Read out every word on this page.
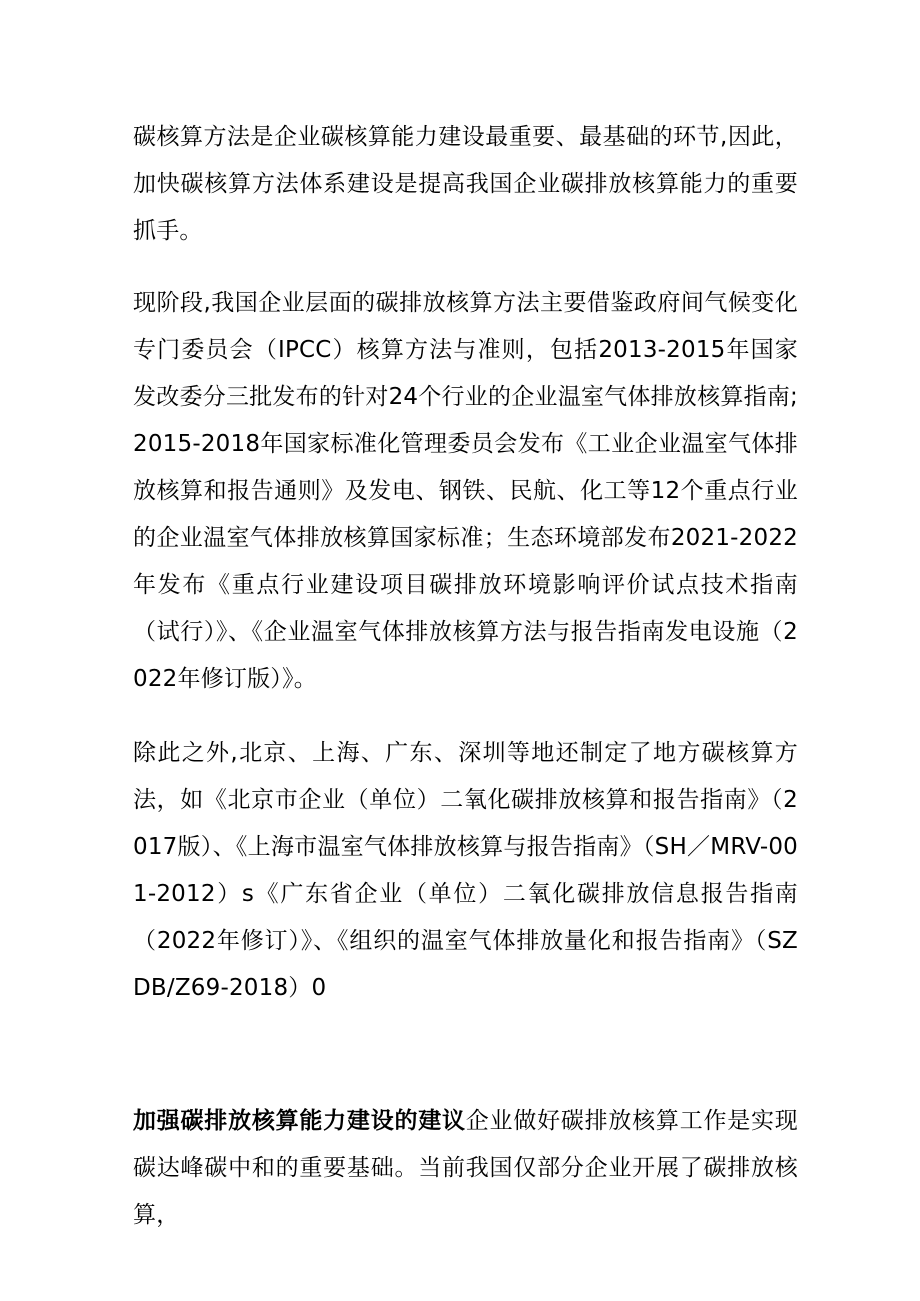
碳核算方法是企业碳核算能力建设最重要、最基础的环节,因此，加快碳核算方法体系建设是提高我国企业碳排放核算能力的重要抓手。

现阶段,我国企业层面的碳排放核算方法主要借鉴政府间气候变化专门委员会（IPCC）核算方法与准则，包括2013-2015年国家发改委分三批发布的针对24个行业的企业温室气体排放核算指南;2015-2018年国家标准化管理委员会发布《工业企业温室气体排放核算和报告通则》及发电、钢铁、民航、化工等12个重点行业的企业温室气体排放核算国家标准；生态环境部发布2021-2022年发布《重点行业建设项目碳排放环境影响评价试点技术指南（试行）》、《企业温室气体排放核算方法与报告指南发电设施（2022年修订版）》。

除此之外,北京、上海、广东、深圳等地还制定了地方碳核算方法，如《北京市企业（单位）二氧化碳排放核算和报告指南》（2017版）、《上海市温室气体排放核算与报告指南》（SH／MRV-001-2012）s《广东省企业（单位）二氧化碳排放信息报告指南（2022年修订）》、《组织的温室气体排放量化和报告指南》（SZDB/Z69-2018）0

加强碳排放核算能力建设的建议企业做好碳排放核算工作是实现碳达峰碳中和的重要基础。当前我国仅部分企业开展了碳排放核算，
